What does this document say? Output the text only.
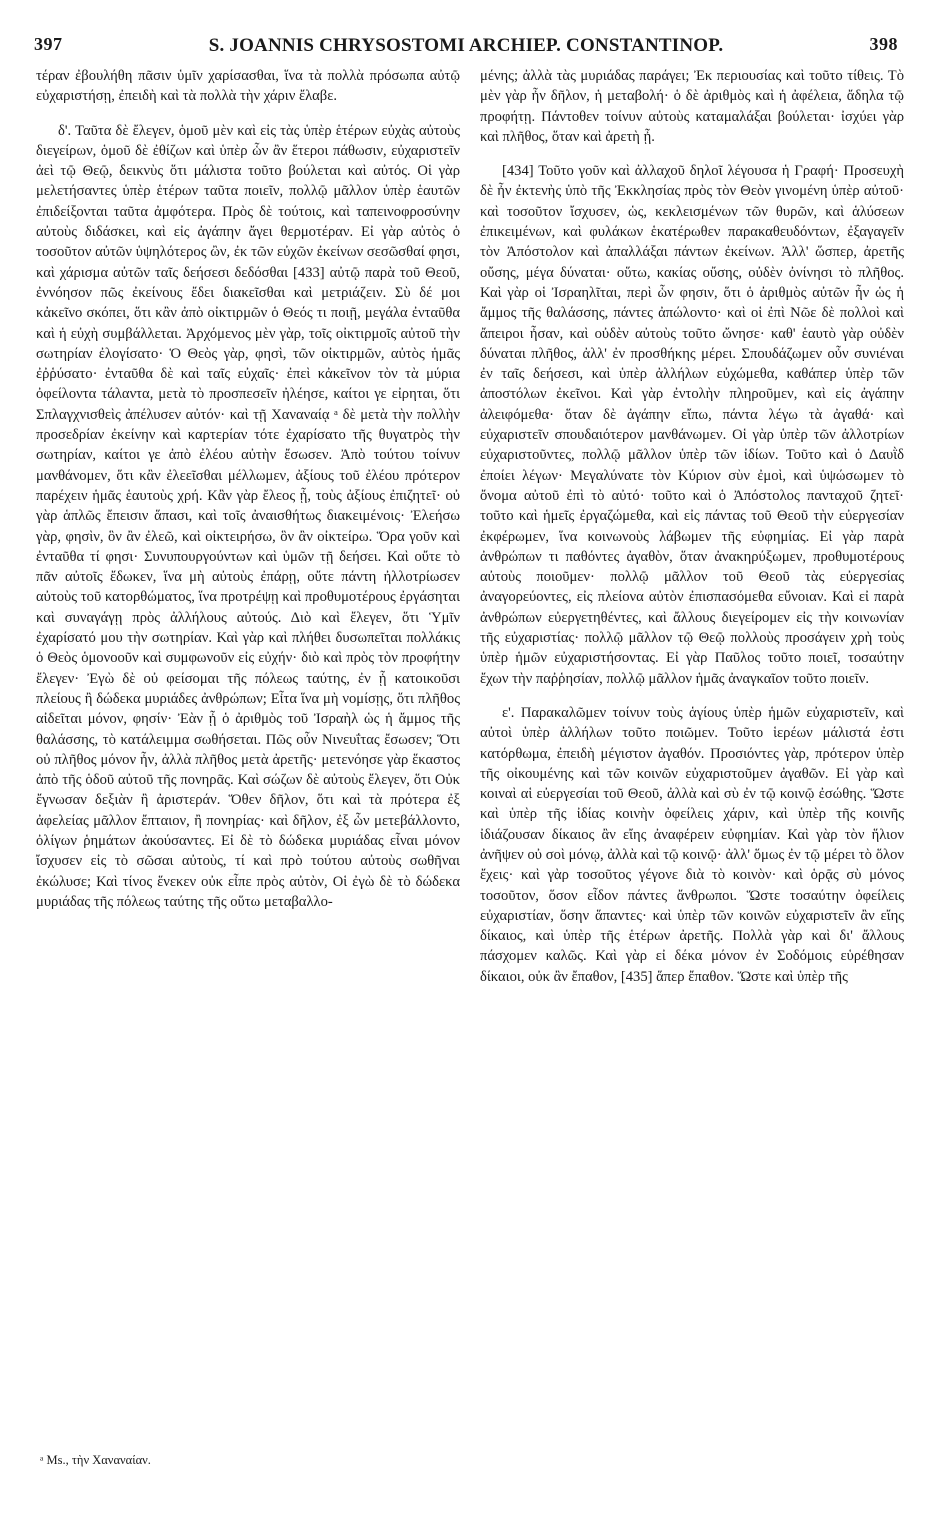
397	S. JOANNIS CHRYSOSTOMI ARCHIEP. CONSTANTINOP.	398

τέραν ἐβουλήθη πᾶσιν ὑμῖν χαρίσασθαι, ἵνα τὰ πολλὰ πρόσωπα αὐτῷ εὐχαριστήσῃ, ἐπειδὴ καὶ τὰ πολλὰ τὴν χάριν ἔλαβε.

δ'. Ταῦτα δὲ ἔλεγεν, ὁμοῦ μὲν καὶ εἰς τὰς ὑπὲρ ἑτέρων εὐχὰς αὐτοὺς διεγείρων, ὁμοῦ δὲ ἐθίζων καὶ ὑπὲρ ὧν ἂν ἕτεροι πάθωσιν, εὐχαριστεῖν ἀεὶ τῷ Θεῷ, δεικνὺς ὅτι μάλιστα τοῦτο βούλεται καὶ αὐτός. Οἱ γὰρ μελετήσαντες ὑπὲρ ἑτέρων ταῦτα ποιεῖν, πολλῷ μᾶλλον ὑπὲρ ἑαυτῶν ἐπιδείξονται ταῦτα ἀμφότερα. Πρὸς δὲ τούτοις, καὶ ταπεινοφροσύνην αὐτοὺς διδάσκει, καὶ εἰς ἀγάπην ἄγει θερμοτέραν. Εἰ γὰρ αὐτὸς ὁ τοσοῦτον αὐτῶν ὑψηλότερος ὢν, ἐκ τῶν εὐχῶν ἐκείνων σεσῶσθαί φησι, καὶ χάρισμα αὐτῶν ταῖς δεήσεσι δεδόσθαι [433] αὐτῷ παρὰ τοῦ Θεοῦ, ἐννόησον πῶς ἐκείνους ἔδει διακεῖσθαι καὶ μετριάζειν. Σὺ δέ μοι κἀκεῖνο σκόπει, ὅτι κἂν ἀπὸ οἰκτιρμῶν ὁ Θεός τι ποιῇ, μεγάλα ἐνταῦθα καὶ ἡ εὐχὴ συμβάλλεται. Ἀρχόμενος μὲν γὰρ, τοῖς οἰκτιρμοῖς αὐτοῦ τὴν σωτηρίαν ἐλογίσατο· Ὁ Θεὸς γὰρ, φησὶ, τῶν οἰκτιρμῶν, αὐτὸς ἡμᾶς ἐῤῥύσατο· ἐνταῦθα δὲ καὶ ταῖς εὐχαῖς· ἐπεὶ κἀκεῖνον τὸν τὰ μύρια ὀφείλοντα τάλαντα, μετὰ τὸ προσπεσεῖν ἠλέησε, καίτοι γε εἰρηται, ὅτι Σπλαγχνισθεὶς ἀπέλυσεν αὐτόν· καὶ τῇ Χαναναίᾳ ᵃ δὲ μετὰ τὴν πολλὴν προσεδρίαν ἐκείνην καὶ καρτερίαν τότε ἐχαρίσατο τῆς θυγατρὸς τὴν σωτηρίαν, καίτοι γε ἀπὸ ἐλέου αὐτὴν ἔσωσεν. Ἀπὸ τούτου τοίνυν μανθάνομεν, ὅτι κἂν ἐλεεῖσθαι μέλλωμεν, ἀξίους τοῦ ἐλέου πρότερον παρέχειν ἡμᾶς ἑαυτοὺς χρή. Κἂν γὰρ ἔλεος ᾖ, τοὺς ἀξίους ἐπιζητεῖ· οὐ γὰρ ἁπλῶς ἔπεισιν ἅπασι, καὶ τοῖς ἀναισθήτως διακειμένοις· Ἐλεήσω γὰρ, φησὶν, ὃν ἂν ἐλεῶ, καὶ οἰκτειρήσω, ὃν ἂν οἰκτείρω. Ὅρα γοῦν καὶ ἐνταῦθα τί φησι· Συνυπουργούντων καὶ ὑμῶν τῇ δεήσει. Καὶ οὔτε τὸ πᾶν αὐτοῖς ἔδωκεν, ἵνα μὴ αὐτοὺς ἐπάρῃ, οὔτε πάντη ἠλλοτρίωσεν αὐτοὺς τοῦ κατορθώματος, ἵνα προτρέψῃ καὶ προθυμοτέρους ἐργάσηται καὶ συναγάγῃ πρὸς ἀλλήλους αὐτούς. Διὸ καὶ ἔλεγεν, ὅτι Ὑμῖν ἐχαρίσατό μου τὴν σωτηρίαν. Καὶ γὰρ καὶ πλήθει δυσωπεῖται πολλάκις ὁ Θεὸς ὁμονοοῦν καὶ συμφωνοῦν εἰς εὐχήν· διὸ καὶ πρὸς τὸν προφήτην ἔλεγεν· Ἐγὼ δὲ οὐ φείσομαι τῆς πόλεως ταύτης, ἐν ᾗ κατοικοῦσι πλείους ἢ δώδεκα μυριάδες ἀνθρώπων; Εἶτα ἵνα μὴ νομίσῃς, ὅτι πλῆθος αἰδεῖται μόνον, φησίν· Ἐὰν ᾖ ὁ ἀριθμὸς τοῦ Ἰσραὴλ ὡς ἡ ἄμμος τῆς θαλάσσης, τὸ κατάλειμμα σωθήσεται. Πῶς οὖν Νινευΐτας ἔσωσεν; Ὅτι οὐ πλῆθος μόνον ἦν, ἀλλὰ πλῆθος μετὰ ἀρετῆς· μετενόησε γὰρ ἕκαστος ἀπὸ τῆς ὁδοῦ αὐτοῦ τῆς πονηρᾶς. Καὶ σώζων δὲ αὐτοὺς ἔλεγεν, ὅτι Οὐκ ἔγνωσαν δεξιὰν ἢ ἀριστεράν. Ὅθεν δῆλον, ὅτι καὶ τὰ πρότερα ἐξ ἀφελείας μᾶλλον ἔπταιον, ἢ πονηρίας· καὶ δῆλον, ἐξ ὧν μετεβάλλοντο, ὀλίγων ῥημάτων ἀκούσαντες. Εἰ δὲ τὸ δώδεκα μυριάδας εἶναι μόνον ἴσχυσεν εἰς τὸ σῶσαι αὐτοὺς, τί καὶ πρὸ τούτου αὐτοὺς σωθῆναι ἐκώλυσε; Καὶ τίνος ἕνεκεν οὐκ εἶπε πρὸς αὐτὸν, Οἱ ἐγὼ δὲ τὸ δώδεκα μυριάδας τῆς πόλεως ταύτης τῆς οὕτω μεταβαλλο-

μένης; ἀλλὰ τὰς μυριάδας παράγει; Ἐκ περιουσίας καὶ τοῦτο τίθεις. Τὸ μὲν γὰρ ἦν δῆλον, ἡ μεταβολή· ὁ δὲ ἀριθμὸς καὶ ἡ ἀφέλεια, ἄδηλα τῷ προφήτῃ. Πάντοθεν τοίνυν αὐτοὺς καταμαλάξαι βούλεται· ἰσχύει γὰρ καὶ πλῆθος, ὅταν καὶ ἀρετὴ ᾖ.

[434] Τοῦτο γοῦν καὶ ἀλλαχοῦ δηλοῖ λέγουσα ἡ Γραφή· Προσευχὴ δὲ ἦν ἐκτενὴς ὑπὸ τῆς Ἐκκλησίας πρὸς τὸν Θεὸν γινομένη ὑπὲρ αὐτοῦ· καὶ τοσοῦτον ἴσχυσεν, ὡς, κεκλεισμένων τῶν θυρῶν, καὶ ἁλύσεων ἐπικειμένων, καὶ φυλάκων ἑκατέρωθεν παρακαθευδόντων, ἐξαγαγεῖν τὸν Ἀπόστολον καὶ ἀπαλλάξαι πάντων ἐκείνων. Ἀλλ' ὥσπερ, ἀρετῆς οὔσης, μέγα δύναται· οὕτω, κακίας οὔσης, οὐδὲν ὀνίνησι τὸ πλῆθος. Καὶ γὰρ οἱ Ἰσραηλῖται, περὶ ὧν φησιν, ὅτι ὁ ἀριθμὸς αὐτῶν ἦν ὡς ἡ ἄμμος τῆς θαλάσσης, πάντες ἀπώλοντο· καὶ οἱ ἐπὶ Νῶε δὲ πολλοὶ καὶ ἄπειροι ἦσαν, καὶ οὐδὲν αὐτοὺς τοῦτο ὤνησε· καθ' ἑαυτὸ γὰρ οὐδὲν δύναται πλῆθος, ἀλλ' ἐν προσθήκης μέρει. Σπουδάζωμεν οὖν συνιέναι ἐν ταῖς δεήσεσι, καὶ ὑπὲρ ἀλλήλων εὐχώμεθα, καθάπερ ὑπὲρ τῶν ἀποστόλων ἐκεῖνοι. Καὶ γὰρ ἐντολὴν πληροῦμεν, καὶ εἰς ἀγάπην ἀλειφόμεθα· ὅταν δὲ ἀγάπην εἴπω, πάντα λέγω τὰ ἀγαθά· καὶ εὐχαριστεῖν σπουδαιότερον μανθάνωμεν. Οἱ γὰρ ὑπὲρ τῶν ἀλλοτρίων εὐχαριστοῦντες, πολλῷ μᾶλλον ὑπὲρ τῶν ἰδίων. Τοῦτο καὶ ὁ Δαυῒδ ἐποίει λέγων· Μεγαλύνατε τὸν Κύριον σὺν ἐμοὶ, καὶ ὑψώσωμεν τὸ ὄνομα αὐτοῦ ἐπὶ τὸ αὐτό· τοῦτο καὶ ὁ Ἀπόστολος πανταχοῦ ζητεῖ· τοῦτο καὶ ἡμεῖς ἐργαζώμεθα, καὶ εἰς πάντας τοῦ Θεοῦ τὴν εὐεργεσίαν ἐκφέρωμεν, ἵνα κοινωνοὺς λάβωμεν τῆς εὐφημίας. Εἰ γὰρ παρὰ ἀνθρώπων τι παθόντες ἀγαθὸν, ὅταν ἀνακηρύξωμεν, προθυμοτέρους αὐτοὺς ποιοῦμεν· πολλῷ μᾶλλον τοῦ Θεοῦ τὰς εὐεργεσίας ἀναγορεύοντες, εἰς πλείονα αὐτὸν ἐπισπασόμεθα εὔνοιαν. Καὶ εἰ παρὰ ἀνθρώπων εὐεργετηθέντες, καὶ ἄλλους διεγείρομεν εἰς τὴν κοινωνίαν τῆς εὐχαριστίας· πολλῷ μᾶλλον τῷ Θεῷ πολλοὺς προσάγειν χρὴ τοὺς ὑπὲρ ἡμῶν εὐχαριστήσοντας. Εἰ γὰρ Παῦλος τοῦτο ποιεῖ, τοσαύτην ἔχων τὴν παῤῥησίαν, πολλῷ μᾶλλον ἡμᾶς ἀναγκαῖον τοῦτο ποιεῖν.

ε'. Παρακαλῶμεν τοίνυν τοὺς ἁγίους ὑπὲρ ἡμῶν εὐχαριστεῖν, καὶ αὐτοὶ ὑπὲρ ἀλλήλων τοῦτο ποιῶμεν. Τοῦτο ἱερέων μάλιστά ἐστι κατόρθωμα, ἐπειδὴ μέγιστον ἀγαθόν. Προσιόντες γὰρ, πρότερον ὑπὲρ τῆς οἰκουμένης καὶ τῶν κοινῶν εὐχαριστοῦμεν ἀγαθῶν. Εἰ γὰρ καὶ κοιναὶ αἱ εὐεργεσίαι τοῦ Θεοῦ, ἀλλὰ καὶ σὺ ἐν τῷ κοινῷ ἐσώθης. Ὥστε καὶ ὑπὲρ τῆς ἰδίας κοινὴν ὀφείλεις χάριν, καὶ ὑπὲρ τῆς κοινῆς ἰδιάζουσαν δίκαιος ἂν εἴης ἀναφέρειν εὐφημίαν. Καὶ γὰρ τὸν ἥλιον ἀνῆψεν οὐ σοὶ μόνῳ, ἀλλὰ καὶ τῷ κοινῷ· ἀλλ' ὅμως ἐν τῷ μέρει τὸ ὅλον ἔχεις· καὶ γὰρ τοσοῦτος γέγονε διὰ τὸ κοινὸν· καὶ ὁρᾷς σὺ μόνος τοσοῦτον, ὅσον εἶδον πάντες ἄνθρωποι. Ὥστε τοσαύτην ὀφείλεις εὐχαριστίαν, ὅσην ἅπαντες· καὶ ὑπὲρ τῶν κοινῶν εὐχαριστεῖν ἂν εἴης δίκαιος, καὶ ὑπὲρ τῆς ἑτέρων ἀρετῆς. Πολλὰ γὰρ καὶ δι' ἄλλους πάσχομεν καλῶς. Καὶ γὰρ εἰ δέκα μόνον ἐν Σοδόμοις εὑρέθησαν δίκαιοι, οὐκ ἂν ἔπαθον, [435] ἅπερ ἔπαθον. Ὥστε καὶ ὑπὲρ τῆς

ᵃ Ms., τὴν Χαναναίαν.
